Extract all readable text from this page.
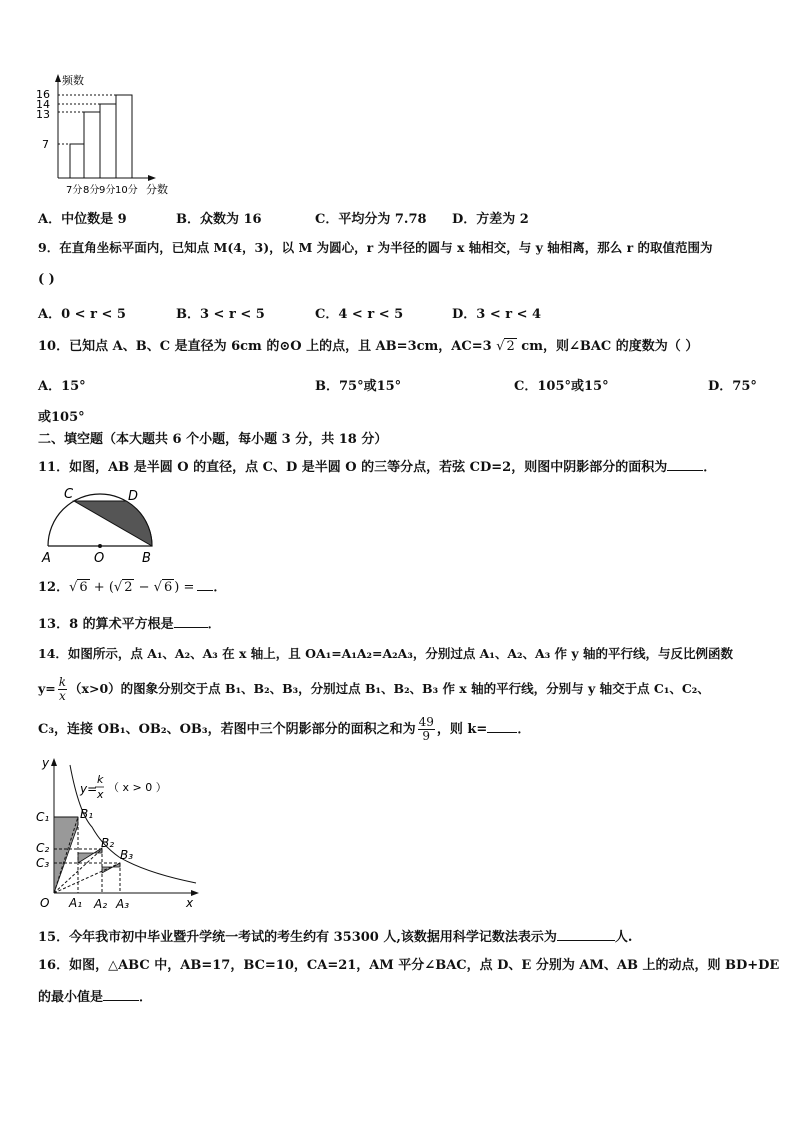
频数
分数
16
14
13
7
7分 8分 9分 10分
A．中位数是 9	B．众数为 16	C．平均分为 7.78 D．方差为 2
9．在直角坐标平面内，已知点 M(4，3)，以 M 为圆心，r 为半径的圆与 x 轴相交，与 y 轴相离，那么 r 的取值范围为
( )
A．0 < r < 5	B．3 < r < 5	C．4 < r < 5	D．3 < r < 4
10．已知点 A、B、C 是直径为 6cm 的⊙O 上的点，且 AB=3cm，AC=3 √ 2 cm，则∠BAC 的度数为（ ）
A．15°	B．75°或15°	C．105°或15°	D．75°
或105°
二、填空题（本大题共 6 个小题，每小题 3 分，共 18 分）
11．如图，AB 是半圆 O 的直径，点 C、D 是半圆 O 的三等分点，若弦 CD=2，则图中阴影部分的面积为	．
C	D
A	O	B
12．√ 6 + (√ 2 − √ 6 ) = ．
13．8 的算术平方根是	．
14．如图所示，点 A₁、A₂、A₃ 在 x 轴上，且 OA₁=A₁A₂=A₂A₃，分别过点 A₁、A₂、A₃ 作 y 轴的平行线，与反比例函数
$y= \frac{k}{x} (x>0)$的图象分别交于点 B₁、B₂、B₃，分别过点 B₁、B₂、B₃ 作 x 轴的平行线，分别与 y 轴交于点 C₁、C₂、
C₃，连接 OB₁、OB₂、OB₃，若图中三个阴影部分的面积之和为 $\frac{49}{9}$ ，则 k= ．
y
x
O
y=
k
x
（ x > 0 ）
C₁
C₂
C₃
B₁
B₂
B₃
A₁ A₂ A₃
15．今年我市初中毕业暨升学统一考试的考生约有 35300 人,该数据用科学记数法表示为	人.
16．如图，△ABC 中，AB=17，BC=10，CA=21，AM 平分∠BAC，点 D、E 分别为 AM、AB 上的动点，则 BD+DE
的最小值是	．
